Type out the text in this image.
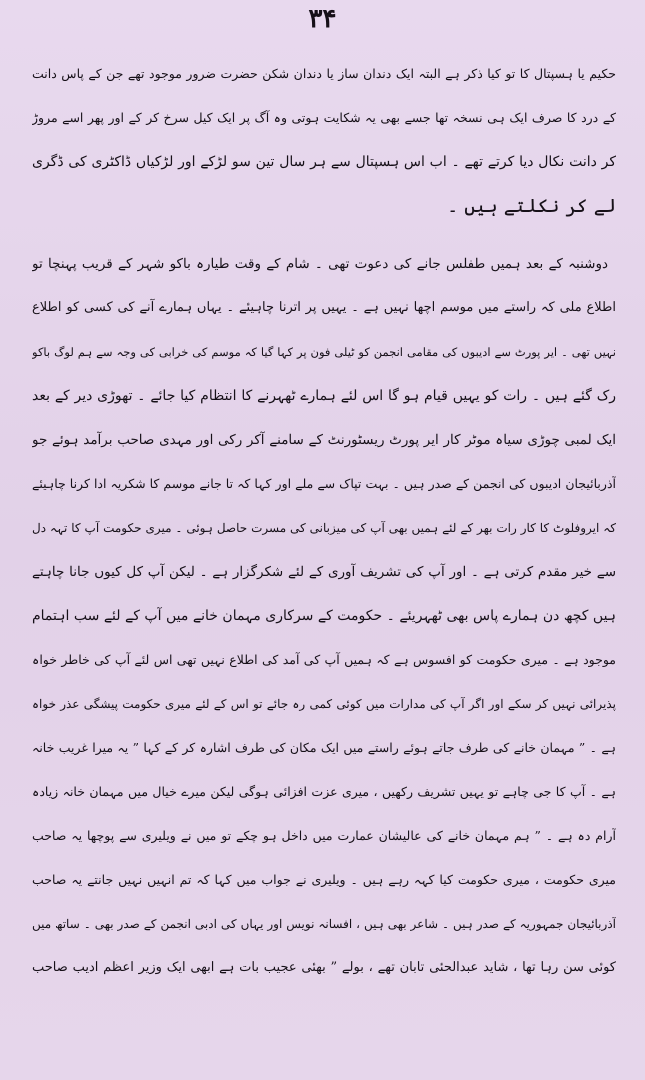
۳۴
حکیم یا ہسپتال کا تو کیا ذکر ہے البتہ ایک دندان ساز یا دندان شکن حضرت ضرور موجود تھے جن کے پاس دانت
کے درد کا صرف ایک ہی نسخہ تھا جسے بھی یہ شکایت ہوتی وہ آگ پر ایک کیل سرخ کر کے اور پھر اسے مروڑ
کر دانت نکال دیا کرتے تھے ۔ اب اس ہسپتال سے ہر سال تین سو لڑکے اور لڑکیاں ڈاکٹری کی ڈگری
لے کر نکلتے ہیں ۔
دوشنبہ کے بعد ہمیں طفلس جانے کی دعوت تھی ۔ شام کے وقت طیارہ باکو شہر کے قریب پہنچا تو
اطلاع ملی کہ راستے میں موسم اچھا نہیں ہے ۔ یہیں پر اترنا چاہیئے ۔ یہاں ہمارے آنے کی کسی کو اطلاع
نہیں تھی ۔ ایر پورٹ سے ادیبوں کی مقامی انجمن کو ٹیلی فون پر کہا گیا کہ موسم کی خرابی کی وجہ سے ہم لوگ باکو
رک گئے ہیں ۔ رات کو یہیں قیام ہو گا اس لئے ہمارے ٹھہرنے کا انتظام کیا جائے ۔ تھوڑی دیر کے بعد
ایک لمبی چوڑی سیاہ موٹر کار ایر پورٹ ریسٹورنٹ کے سامنے آکر رکی اور مہدی صاحب برآمد ہوئے جو
آذربائیجان ادیبوں کی انجمن کے صدر ہیں ۔ بہت تپاک سے ملے اور کہا کہ تا جانے موسم کا شکریہ ادا کرنا چاہیئے
کہ ایروفلوٹ کا کار رات بھر کے لئے ہمیں بھی آپ کی میزبانی کی مسرت حاصل ہوئی ۔ میری حکومت آپ کا تہہ دل
سے خیر مقدم کرتی ہے ۔ اور آپ کی تشریف آوری کے لئے شکرگزار ہے ۔ لیکن آپ کل کیوں جانا چاہتے
ہیں کچھ دن ہمارے پاس بھی ٹھہریئے ۔ حکومت کے سرکاری مہمان خانے میں آپ کے لئے سب اہتمام
موجود ہے ۔ میری حکومت کو افسوس ہے کہ ہمیں آپ کی آمد کی اطلاع نہیں تھی اس لئے آپ کی خاطر خواہ
پذیرائی نہیں کر سکے اور اگر آپ کی مدارات میں کوئی کمی رہ جائے تو اس کے لئے میری حکومت پیشگی عذر خواہ
ہے ۔ ” مہمان خانے کی طرف جاتے ہوئے راستے میں ایک مکان کی طرف اشارہ کر کے کہا ” یہ میرا غریب خانہ
ہے ۔ آپ کا جی چاہے تو یہیں تشریف رکھیں ، میری عزت افزائی ہوگی لیکن میرے خیال میں مہمان خانہ زیادہ
آرام دہ ہے ۔ ” ہم مہمان خانے کی عالیشان عمارت میں داخل ہو چکے تو میں نے ویلیری سے پوچھا یہ صاحب
میری حکومت ، میری حکومت کیا کہہ رہے ہیں ۔ ویلیری نے جواب میں کہا کہ تم انہیں نہیں جانتے یہ صاحب
آذربائیجان جمہوریہ کے صدر ہیں ۔ شاعر بھی ہیں ، افسانہ نویس اور یہاں کی ادبی انجمن کے صدر بھی ۔ ساتھ میں
کوئی سن رہا تھا ، شاید عبدالحئی تابان تھے ، بولے ” بھئی عجیب بات ہے ابھی ایک وزیر اعظم ادیب صاحب
